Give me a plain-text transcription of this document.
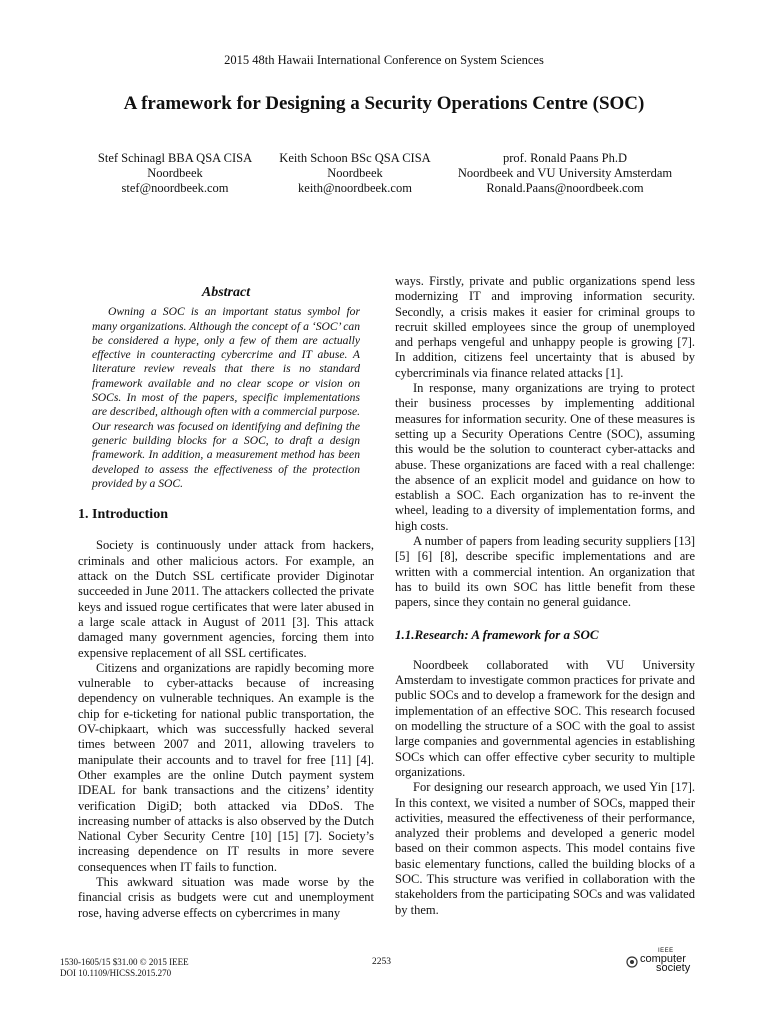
2015 48th Hawaii International Conference on System Sciences
A framework for Designing a Security Operations Centre (SOC)
Stef Schinagl BBA QSA CISA
Noordbeek
stef@noordbeek.com
Keith Schoon BSc QSA CISA
Noordbeek
keith@noordbeek.com
prof. Ronald Paans Ph.D
Noordbeek and VU University Amsterdam
Ronald.Paans@noordbeek.com
Abstract

Owning a SOC is an important status symbol for many organizations. Although the concept of a ‘SOC’ can be considered a hype, only a few of them are actually effective in counteracting cybercrime and IT abuse. A literature review reveals that there is no standard framework available and no clear scope or vision on SOCs. In most of the papers, specific implementations are described, although often with a commercial purpose. Our research was focused on identifying and defining the generic building blocks for a SOC, to draft a design framework. In addition, a measurement method has been developed to assess the effectiveness of the protection provided by a SOC.

1. Introduction

Society is continuously under attack from hackers, criminals and other malicious actors. For example, an attack on the Dutch SSL certificate provider Diginotar succeeded in June 2011. The attackers collected the private keys and issued rogue certificates that were later abused in a large scale attack in August of 2011 [3]. This attack damaged many government agencies, forcing them into expensive replacement of all SSL certificates.

Citizens and organizations are rapidly becoming more vulnerable to cyber-attacks because of increasing dependency on vulnerable techniques. An example is the chip for e-ticketing for national public transportation, the OV-chipkaart, which was successfully hacked several times between 2007 and 2011, allowing travelers to manipulate their accounts and to travel for free [11] [4]. Other examples are the online Dutch payment system IDEAL for bank transactions and the citizens’ identity verification DigiD; both attacked via DDoS. The increasing number of attacks is also observed by the Dutch National Cyber Security Centre [10] [15] [7]. Society’s increasing dependence on IT results in more severe consequences when IT fails to function.

This awkward situation was made worse by the financial crisis as budgets were cut and unemployment rose, having adverse effects on cybercrimes in many

ways. Firstly, private and public organizations spend less modernizing IT and improving information security. Secondly, a crisis makes it easier for criminal groups to recruit skilled employees since the group of unemployed and perhaps vengeful and unhappy people is growing [7]. In addition, citizens feel uncertainty that is abused by cybercriminals via finance related attacks [1].

In response, many organizations are trying to protect their business processes by implementing additional measures for information security. One of these measures is setting up a Security Operations Centre (SOC), assuming this would be the solution to counteract cyber-attacks and abuse. These organizations are faced with a real challenge: the absence of an explicit model and guidance on how to establish a SOC. Each organization has to re-invent the wheel, leading to a diversity of implementation forms, and high costs.

A number of papers from leading security suppliers [13] [5] [6] [8], describe specific implementations and are written with a commercial intention. An organization that has to build its own SOC has little benefit from these papers, since they contain no general guidance.

1.1.Research: A framework for a SOC

Noordbeek collaborated with VU University Amsterdam to investigate common practices for private and public SOCs and to develop a framework for the design and implementation of an effective SOC. This research focused on modelling the structure of a SOC with the goal to assist large companies and governmental agencies in establishing SOCs which can offer effective cyber security to multiple organizations.

For designing our research approach, we used Yin [17]. In this context, we visited a number of SOCs, mapped their activities, measured the effectiveness of their performance, analyzed their problems and developed a generic model based on their common aspects. This model contains five basic elementary functions, called the building blocks of a SOC. This structure was verified in collaboration with the stakeholders from the participating SOCs and was validated by them.

1530-1605/15 $31.00 © 2015 IEEE
DOI 10.1109/HICSS.2015.270
2253
IEEE
computer
society
